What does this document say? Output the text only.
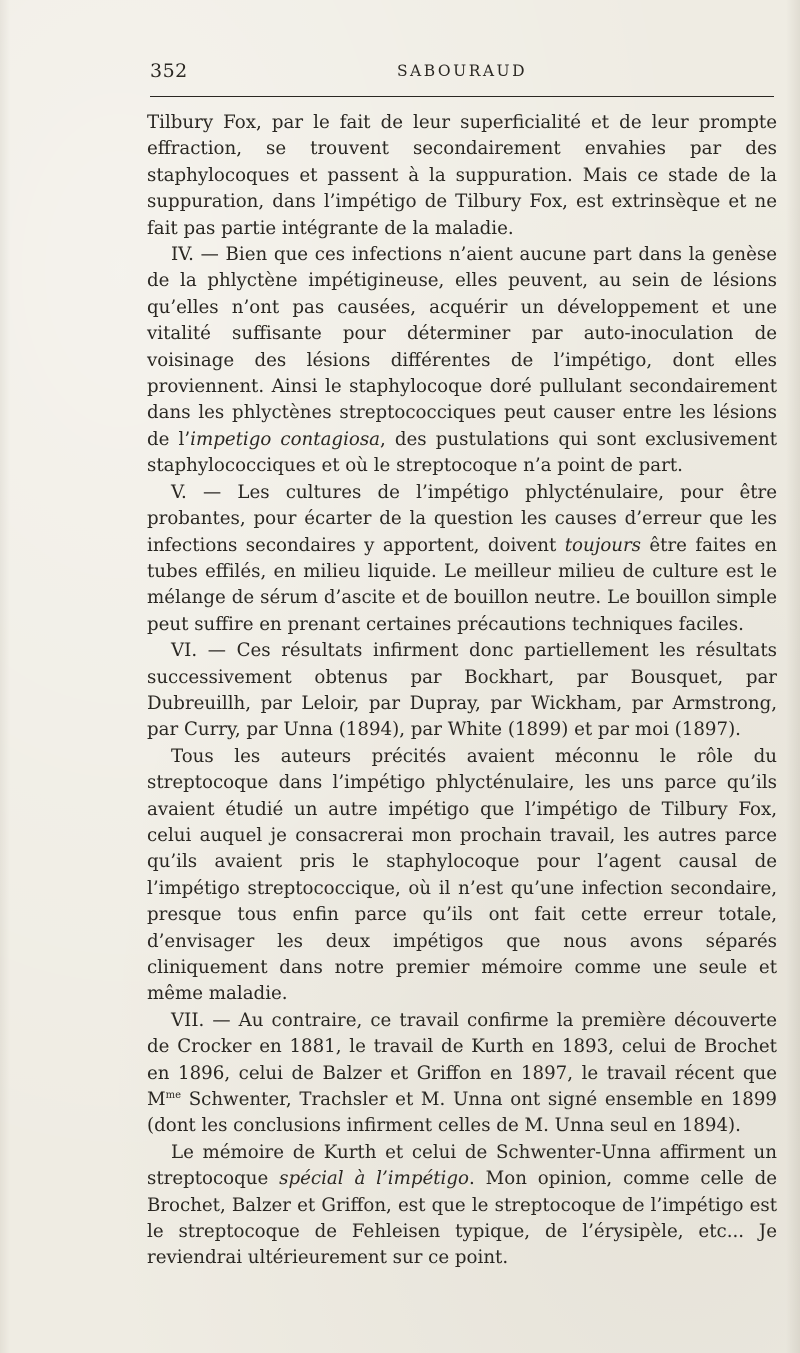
352	SABOURAUD

Tilbury Fox, par le fait de leur superficialité et de leur prompte effraction, se trouvent secondairement envahies par des staphylocoques et passent à la suppuration. Mais ce stade de la suppuration, dans l’impétigo de Tilbury Fox, est extrinsèque et ne fait pas partie intégrante de la maladie.

IV. — Bien que ces infections n’aient aucune part dans la genèse de la phlyctène impétigineuse, elles peuvent, au sein de lésions qu’elles n’ont pas causées, acquérir un développement et une vitalité suffisante pour déterminer par auto-inoculation de voisinage des lésions différentes de l’impétigo, dont elles proviennent. Ainsi le staphylocoque doré pullulant secondairement dans les phlyctènes streptococciques peut causer entre les lésions de l’impetigo contagiosa, des pustulations qui sont exclusivement staphylococciques et où le streptocoque n’a point de part.

V. — Les cultures de l’impétigo phlycténulaire, pour être probantes, pour écarter de la question les causes d’erreur que les infections secondaires y apportent, doivent toujours être faites en tubes effilés, en milieu liquide. Le meilleur milieu de culture est le mélange de sérum d’ascite et de bouillon neutre. Le bouillon simple peut suffire en prenant certaines précautions techniques faciles.

VI. — Ces résultats infirment donc partiellement les résultats successivement obtenus par Bockhart, par Bousquet, par Dubreuillh, par Leloir, par Dupray, par Wickham, par Armstrong, par Curry, par Unna (1894), par White (1899) et par moi (1897).

Tous les auteurs précités avaient méconnu le rôle du streptocoque dans l’impétigo phlycténulaire, les uns parce qu’ils avaient étudié un autre impétigo que l’impétigo de Tilbury Fox, celui auquel je consacrerai mon prochain travail, les autres parce qu’ils avaient pris le staphylocoque pour l’agent causal de l’impétigo streptococcique, où il n’est qu’une infection secondaire, presque tous enfin parce qu’ils ont fait cette erreur totale, d’envisager les deux impétigos que nous avons séparés cliniquement dans notre premier mémoire comme une seule et même maladie.

VII. — Au contraire, ce travail confirme la première découverte de Crocker en 1881, le travail de Kurth en 1893, celui de Brochet en 1896, celui de Balzer et Griffon en 1897, le travail récent que $M^{me}$ Schwenter, Trachsler et M. Unna ont signé ensemble en 1899 (dont les conclusions infirment celles de M. Unna seul en 1894).

Le mémoire de Kurth et celui de Schwenter-Unna affirment un streptocoque spécial à l’impétigo. Mon opinion, comme celle de Brochet, Balzer et Griffon, est que le streptocoque de l’impétigo est le streptocoque de Fehleisen typique, de l’érysipèle, etc... Je reviendrai ultérieurement sur ce point.
